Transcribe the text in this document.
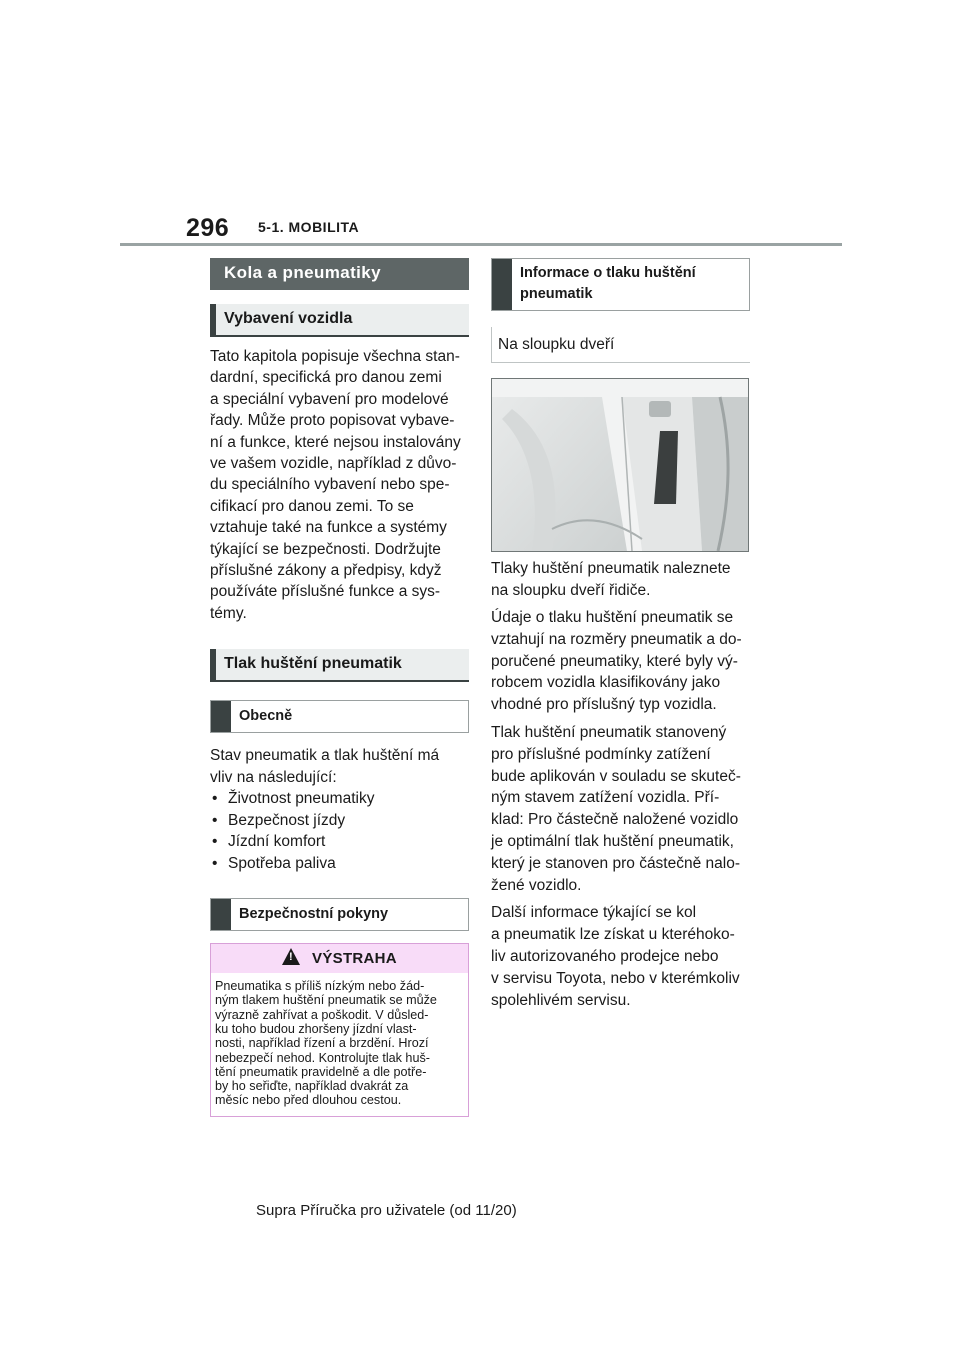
296 5-1. MOBILITA
Kola a pneumatiky
Vybavení vozidla

Tato kapitola popisuje všechna stan-
dardní, specifická pro danou zemi
a speciální vybavení pro modelové
řady. Může proto popisovat vybave-
ní a funkce, které nejsou instalovány
ve vašem vozidle, například z důvo-
du speciálního vybavení nebo spe-
cifikací pro danou zemi. To se
vztahuje také na funkce a systémy
týkající se bezpečnosti. Dodržujte
příslušné zákony a předpisy, když
používáte příslušné funkce a sys-
témy.

Tlak huštění pneumatik
Obecně

Stav pneumatik a tlak huštění má
vliv na následující:

• Životnost pneumatiky
• Bezpečnost jízdy
• Jízdní komfort
• Spotřeba paliva
Bezpečnostní pokyny
!
VÝSTRAHA
Pneumatika s příliš nízkým nebo žád-
ným tlakem huštění pneumatik se může
výrazně zahřívat a poškodit. V důsled-
ku toho budou zhoršeny jízdní vlast-
nosti, například řízení a brzdění. Hrozí
nebezpečí nehod. Kontrolujte tlak huš-
tění pneumatik pravidelně a dle potře-
by ho seřiďte, například dvakrát za
měsíc nebo před dlouhou cestou.
Informace o tlaku huštění
pneumatik
Na sloupku dveří

Tlaky huštění pneumatik naleznete
na sloupku dveří řidiče.

Údaje o tlaku huštění pneumatik se
vztahují na rozměry pneumatik a do-
poručené pneumatiky, které byly vý-
robcem vozidla klasifikovány jako
vhodné pro příslušný typ vozidla.

Tlak huštění pneumatik stanovený
pro příslušné podmínky zatížení
bude aplikován v souladu se skuteč-
ným stavem zatížení vozidla. Pří-
klad: Pro částečně naložené vozidlo
je optimální tlak huštění pneumatik,
který je stanoven pro částečně nalo-
žené vozidlo.

Další informace týkající se kol
a pneumatik lze získat u kteréhoko-
liv autorizovaného prodejce nebo
v servisu Toyota, nebo v kterémkoliv
spolehlivém servisu.

Supra Příručka pro uživatele (od 11/20)
